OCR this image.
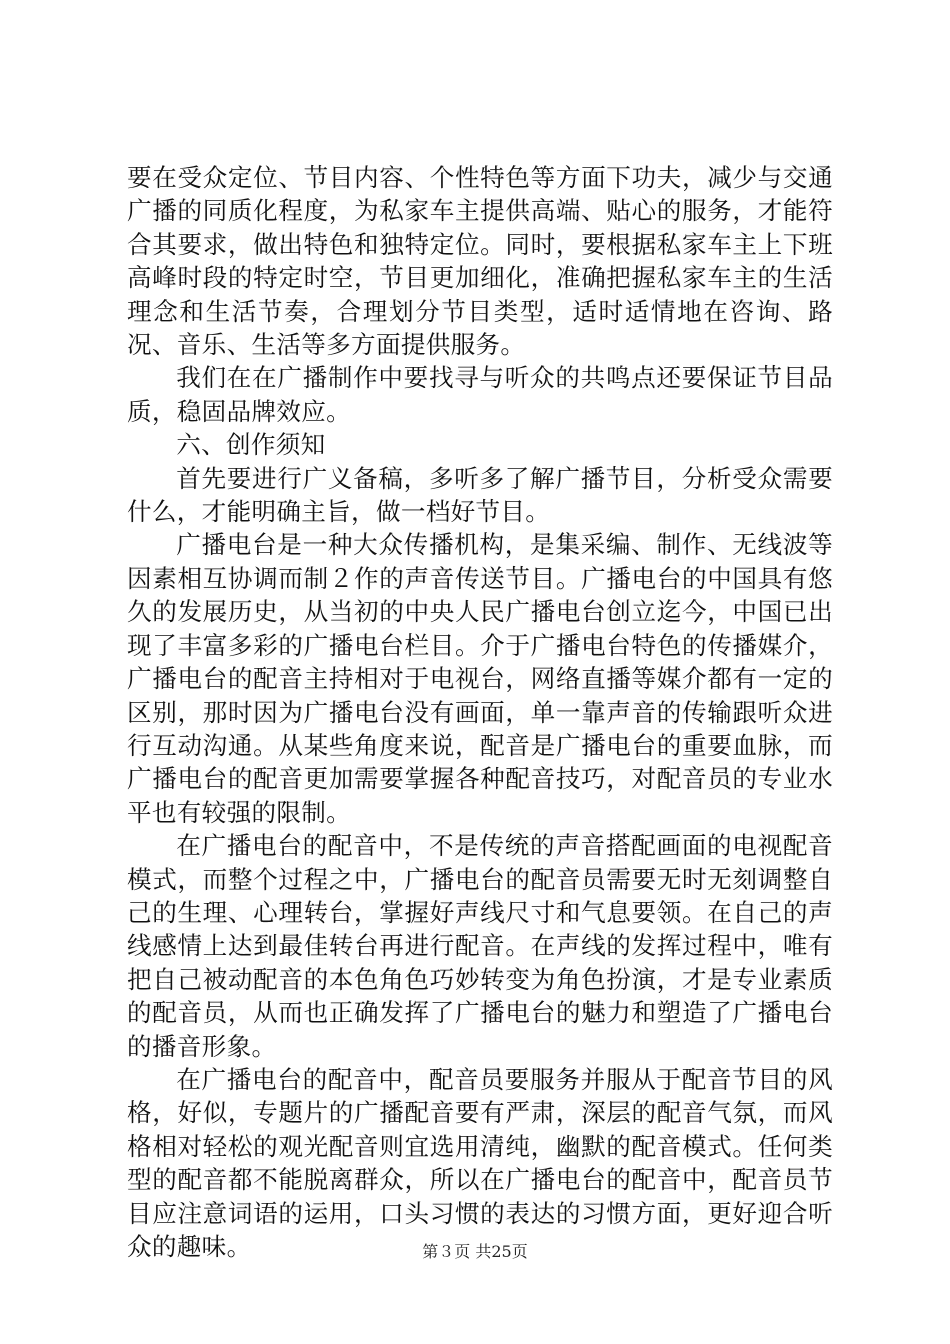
要在受众定位、节目内容、个性特色等方面下功夫，减少与交通广播的同质化程度，为私家车主提供高端、贴心的服务，才能符合其要求，做出特色和独特定位。同时，要根据私家车主上下班高峰时段的特定时空，节目更加细化，准确把握私家车主的生活理念和生活节奏，合理划分节目类型，适时适情地在咨询、路况、音乐、生活等多方面提供服务。

我们在在广播制作中要找寻与听众的共鸣点还要保证节目品质，稳固品牌效应。

六、创作须知

首先要进行广义备稿，多听多了解广播节目，分析受众需要什么，才能明确主旨，做一档好节目。

广播电台是一种大众传播机构，是集采编、制作、无线波等因素相互协调而制２作的声音传送节目。广播电台的中国具有悠久的发展历史，从当初的中央人民广播电台创立迄今，中国已出现了丰富多彩的广播电台栏目。介于广播电台特色的传播媒介，广播电台的配音主持相对于电视台，网络直播等媒介都有一定的区别，那时因为广播电台没有画面，单一靠声音的传输跟听众进行互动沟通。从某些角度来说，配音是广播电台的重要血脉，而广播电台的配音更加需要掌握各种配音技巧，对配音员的专业水平也有较强的限制。

在广播电台的配音中，不是传统的声音搭配画面的电视配音模式，而整个过程之中，广播电台的配音员需要无时无刻调整自己的生理、心理转台，掌握好声线尺寸和气息要领。在自己的声线感情上达到最佳转台再进行配音。在声线的发挥过程中，唯有把自己被动配音的本色角色巧妙转变为角色扮演，才是专业素质的配音员，从而也正确发挥了广播电台的魅力和塑造了广播电台的播音形象。

在广播电台的配音中，配音员要服务并服从于配音节目的风格，好似，专题片的广播配音要有严肃，深层的配音气氛，而风格相对轻松的观光配音则宜选用清纯，幽默的配音模式。任何类型的配音都不能脱离群众，所以在广播电台的配音中，配音员节目应注意词语的运用，口头习惯的表达的习惯方面，更好迎合听众的趣味。	第３页 共25页
